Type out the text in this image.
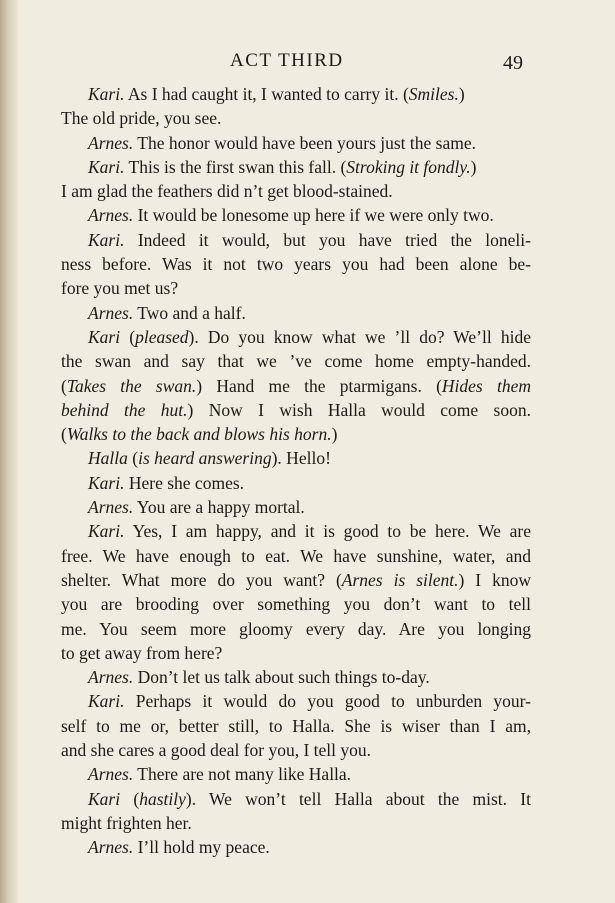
ACT THIRD	49
Kari. As I had caught it, I wanted to carry it. (Smiles.)
The old pride, you see.
Arnes. The honor would have been yours just the same.
Kari. This is the first swan this fall. (Stroking it fondly.)
I am glad the feathers did n’t get blood-stained.
Arnes. It would be lonesome up here if we were only two.
Kari. Indeed it would, but you have tried the loneli-
ness before. Was it not two years you had been alone be-
fore you met us?
Arnes. Two and a half.
Kari (pleased). Do you know what we ’ll do? We’ll hide
the swan and say that we ’ve come home empty-handed.
(Takes the swan.) Hand me the ptarmigans. (Hides them
behind the hut.) Now I wish Halla would come soon.
(Walks to the back and blows his horn.)
Halla (is heard answering). Hello!
Kari. Here she comes.
Arnes. You are a happy mortal.
Kari. Yes, I am happy, and it is good to be here. We are
free. We have enough to eat. We have sunshine, water, and
shelter. What more do you want? (Arnes is silent.) I know
you are brooding over something you don’t want to tell
me. You seem more gloomy every day. Are you longing
to get away from here?
Arnes. Don’t let us talk about such things to-day.
Kari. Perhaps it would do you good to unburden your-
self to me or, better still, to Halla. She is wiser than I am,
and she cares a good deal for you, I tell you.
Arnes. There are not many like Halla.
Kari (hastily). We won’t tell Halla about the mist. It
might frighten her.
Arnes. I’ll hold my peace.
